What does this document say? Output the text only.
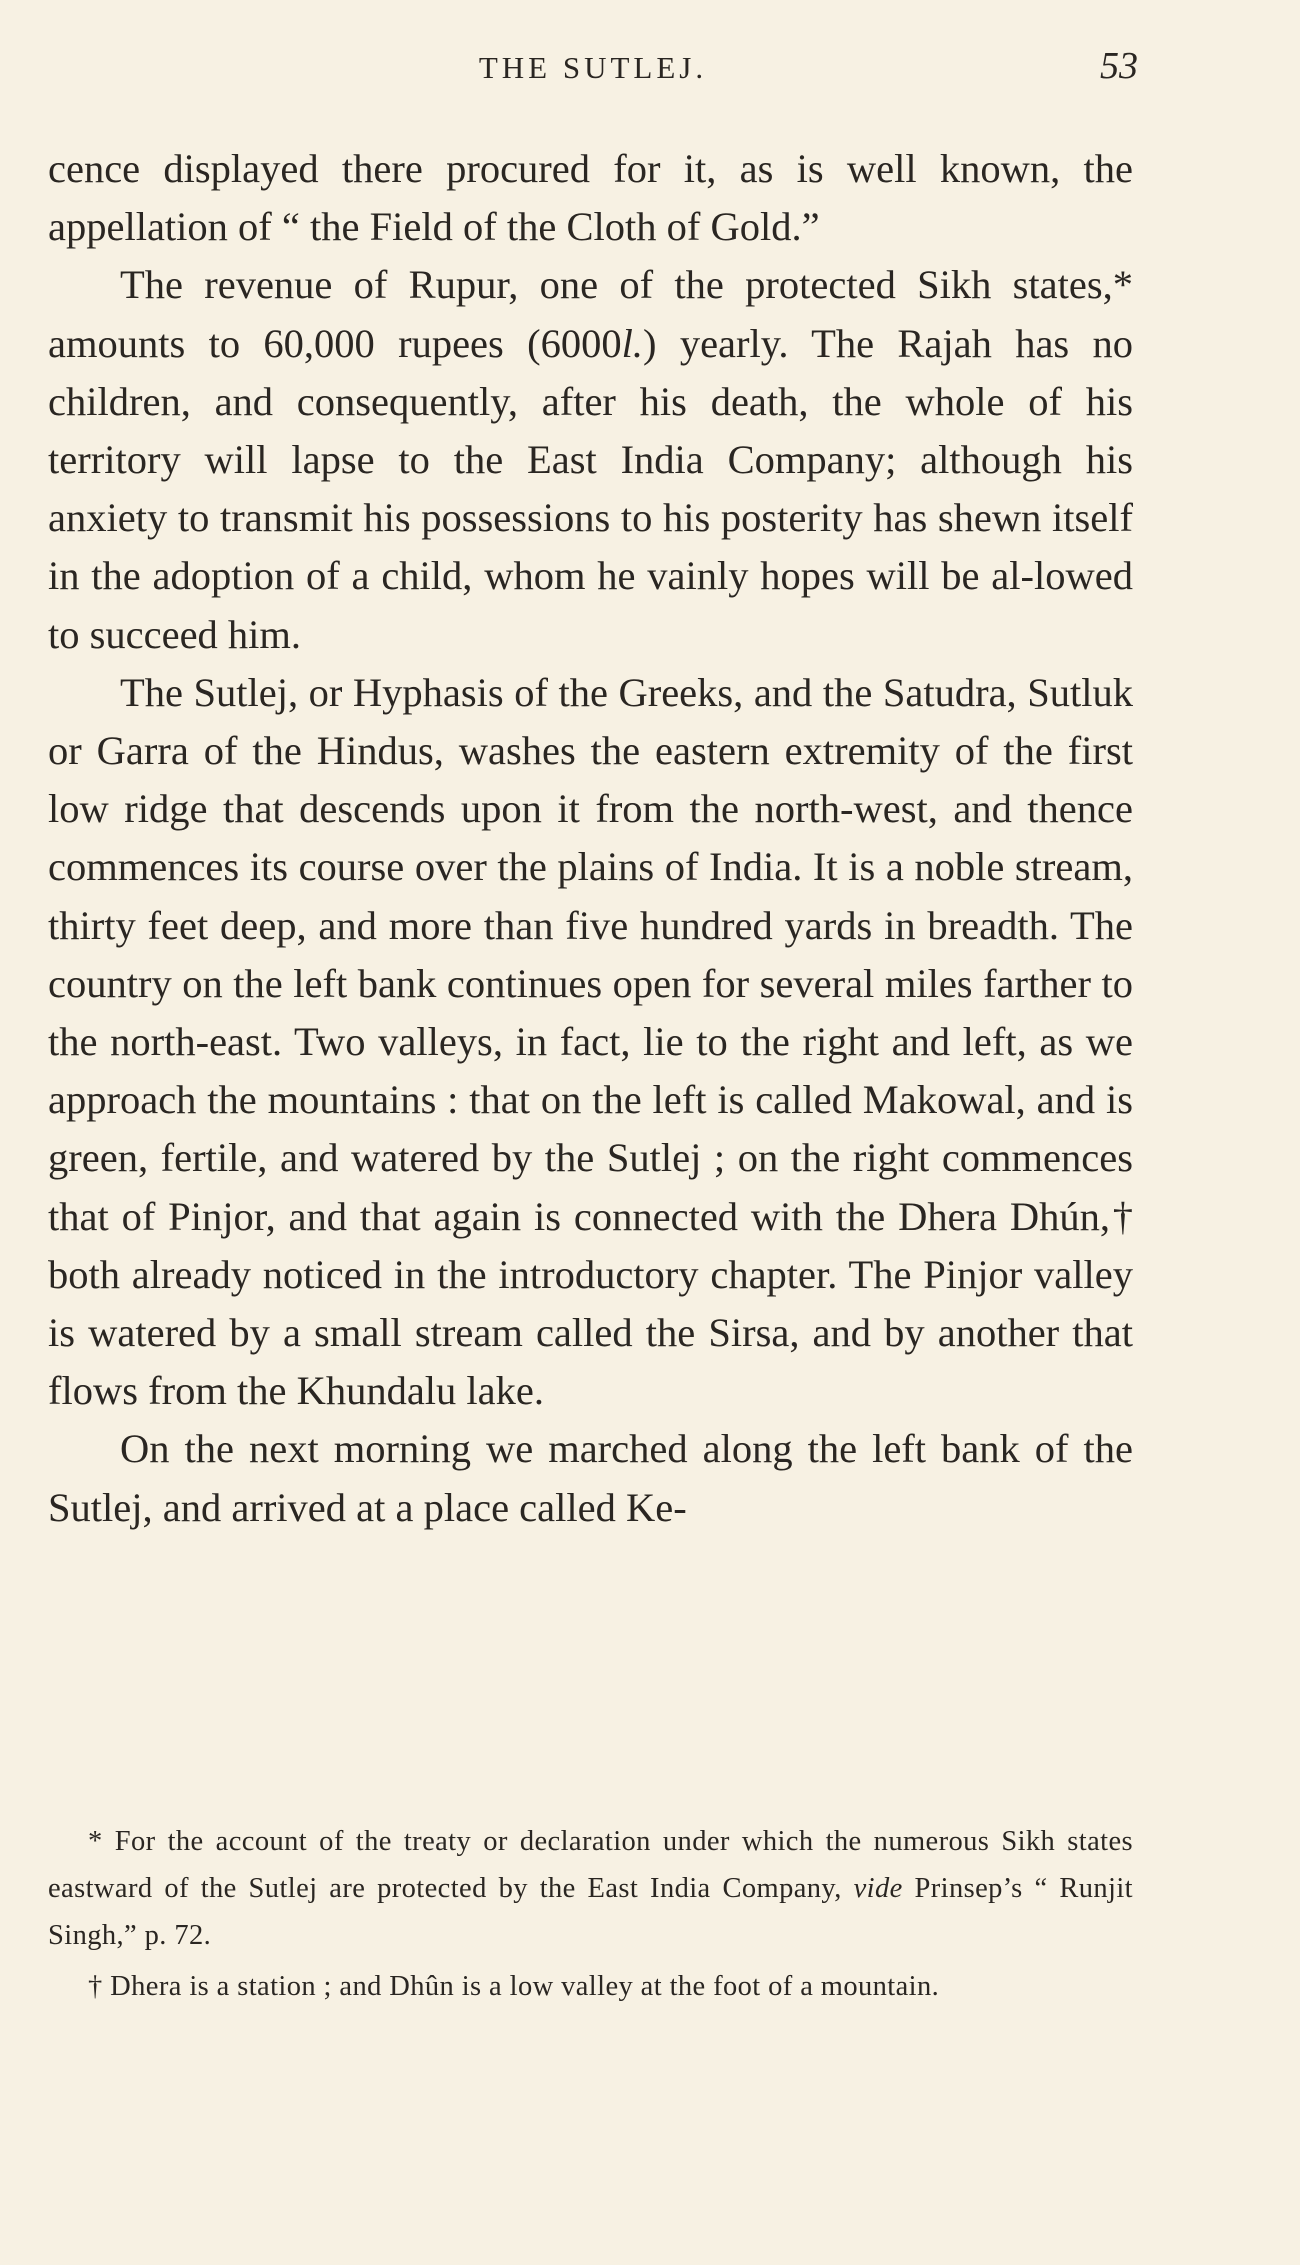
THE SUTLEJ.	53

cence displayed there procured for it, as is well known, the appellation of “ the Field of the Cloth of Gold.”

The revenue of Rupur, one of the protected Sikh states,* amounts to 60,000 rupees (6000l.) yearly. The Rajah has no children, and consequently, after his death, the whole of his territory will lapse to the East India Company; although his anxiety to transmit his possessions to his posterity has shewn itself in the adoption of a child, whom he vainly hopes will be al-lowed to succeed him.

The Sutlej, or Hyphasis of the Greeks, and the Satudra, Sutluk or Garra of the Hindus, washes the eastern extremity of the first low ridge that descends upon it from the north-west, and thence commences its course over the plains of India. It is a noble stream, thirty feet deep, and more than five hundred yards in breadth. The country on the left bank continues open for several miles farther to the north-east. Two valleys, in fact, lie to the right and left, as we approach the mountains : that on the left is called Makowal, and is green, fertile, and watered by the Sutlej ; on the right commences that of Pinjor, and that again is connected with the Dhera Dhún,† both already noticed in the introductory chapter. The Pinjor valley is watered by a small stream called the Sirsa, and by another that flows from the Khundalu lake.

On the next morning we marched along the left bank of the Sutlej, and arrived at a place called Ke-

* For the account of the treaty or declaration under which the numerous Sikh states eastward of the Sutlej are protected by the East India Company, vide Prinsep’s “ Runjit Singh,” p. 72.

† Dhera is a station ; and Dhûn is a low valley at the foot of a mountain.
